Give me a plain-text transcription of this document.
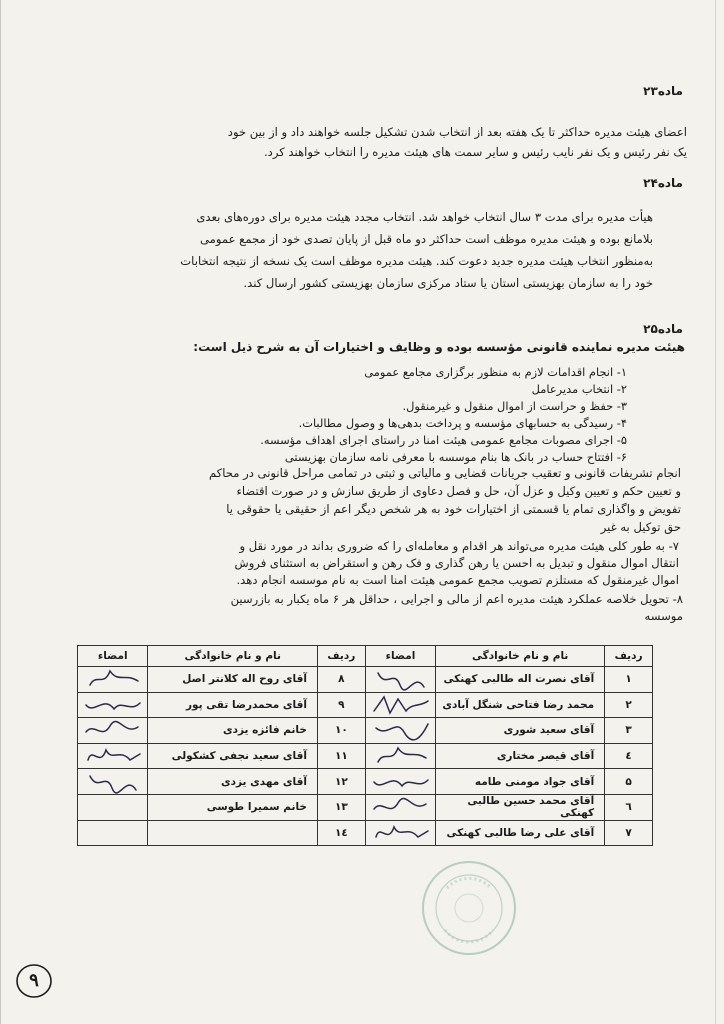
ماده۲۳

اعضای هیئت مدیره حداکثر تا یک هفته بعد از انتخاب شدن تشکیل جلسه خواهند داد و از بین خود

یک نفر رئیس و یک نفر نایب رئیس و سایر سمت های هیئت مدیره را انتخاب خواهند کرد.

ماده۲۴

هیأت مدیره برای مدت ۳ سال انتخاب خواهد شد. انتخاب مجدد هیئت مدیره برای دوره‌های بعدی

بلامانع بوده و هیئت مدیره موظف است حداکثر دو ماه قبل از پایان تصدی خود از مجمع عمومی

به‌منظور انتخاب هیئت مدیره جدید دعوت کند. هیئت مدیره موظف است یک نسخه از نتیجه انتخابات

خود را به سازمان بهزیستی استان یا ستاد مرکزی سازمان بهزیستی کشور ارسال کند.

ماده۲۵

هیئت مدیره نماینده قانونی مؤسسه بوده و وظایف و اختیارات آن به شرح ذیل است:

۱- انجام اقدامات لازم به منظور برگزاری مجامع عمومی
۲- انتخاب مدیرعامل
۳- حفظ و حراست از اموال منقول و غیرمنقول.
۴- رسیدگی به حسابهای مؤسسه و پرداخت بدهی‌ها و وصول مطالبات.
۵- اجرای مصوبات مجامع عمومی هیئت امنا در راستای اجرای اهداف مؤسسه.
۶- افتتاح حساب در بانک ها بنام موسسه با معرفی نامه سازمان بهزیستی

انجام تشریفات قانونی و تعقیب جریانات قضایی و مالیاتی و ثبتی در تمامی مراحل قانونی در محاکم

و تعیین حکم و تعیین وکیل و عزل آن، حل و فصل دعاوی از طریق سازش و در صورت اقتضاء

تفویض و واگذاری تمام یا قسمتی از اختیارات خود به هر شخص دیگر اعم از حقیقی یا حقوقی یا

حق توکیل به غیر

۷- به طور کلی هیئت مدیره می‌تواند هر اقدام و معامله‌ای را که ضروری بداند در مورد نقل و

انتقال اموال منقول و تبدیل به احسن یا رهن گذاری و فک رهن و استقراض به استثنای فروش

اموال غیرمنقول که مستلزم تصویب مجمع عمومی هیئت امنا است به نام موسسه انجام دهد.

۸- تحویل خلاصه عملکرد هیئت مدیره اعم از مالی و اجرایی ، حداقل هر ۶ ماه یکبار به بازرسین

موسسه

ردیف	نام و نام خانوادگی	امضاء	ردیف	نام و نام خانوادگی	امضاء
۱	آقای نصرت اله طالبی کهنکی		۸	آقای روح اله کلانتر اصل	

۲	محمد رضا فتاحی شنگل آبادی		۹	آقای محمدرضا تقی پور	

۳	آقای سعید شوری		۱۰	خانم فائزه یزدی	

٤	آقای قیصر مختاری		۱۱	آقای سعید نجفی کشکولی	

۵	آقای جواد مومنی طامه		۱۲	آقای مهدی یزدی	

٦	آقای محمد حسین طالبی کهنکی		۱۳	خانم سمیرا طوسی	
۷	آقای علی رضا طالبی کهنکی		۱٤		
۹
